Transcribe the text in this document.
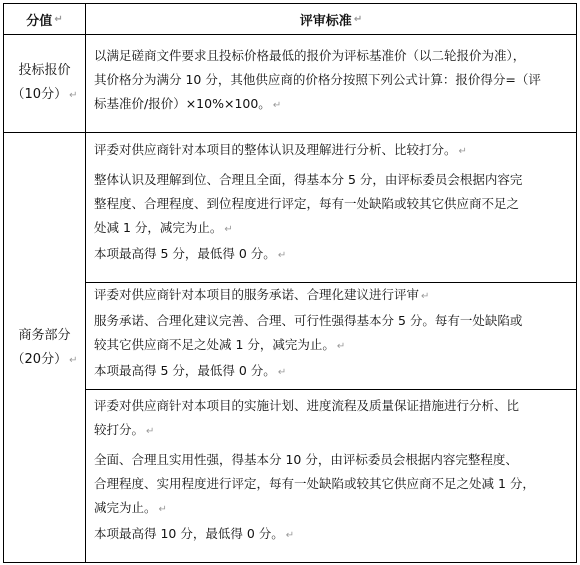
分值 ↵	评审标准 ↵
投标报价
（10分） ↵

以满足磋商文件要求且投标价格最低的报价为评标基准价（以二轮报价为准），

其价格分为满分 10 分，其他供应商的价格分按照下列公式计算：报价得分=（评

标基准价/报价）×10%×100。 ↵

商务部分
（20分） ↵

评委对供应商针对本项目的整体认识及理解进行分析、比较打分。 ↵

整体认识及理解到位、合理且全面，得基本分 5 分，由评标委员会根据内容完

整程度、合理程度、到位程度进行评定，每有一处缺陷或较其它供应商不足之

处减 1 分，减完为止。 ↵

本项最高得 5 分，最低得 0 分。 ↵

评委对供应商针对本项目的服务承诺、合理化建议进行评审 ↵

服务承诺、合理化建议完善、合理、可行性强得基本分 5 分。每有一处缺陷或

较其它供应商不足之处减 1 分，减完为止。 ↵

本项最高得 5 分，最低得 0 分。 ↵

评委对供应商针对本项目的实施计划、进度流程及质量保证措施进行分析、比

较打分。 ↵

全面、合理且实用性强，得基本分 10 分，由评标委员会根据内容完整程度、

合理程度、实用程度进行评定，每有一处缺陷或较其它供应商不足之处减 1 分，

减完为止。 ↵

本项最高得 10 分，最低得 0 分。 ↵
